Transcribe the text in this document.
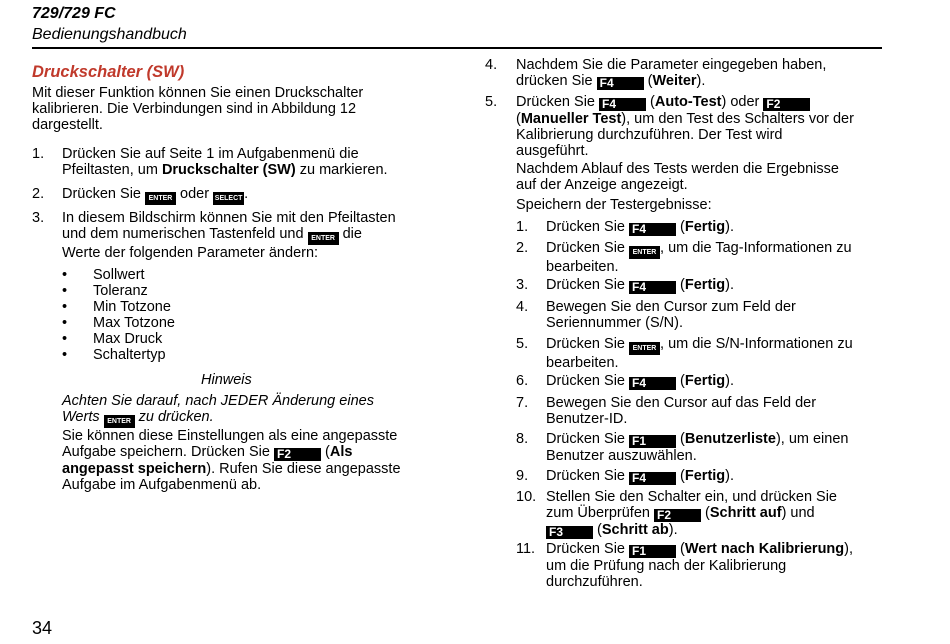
729/729 FC
Bedienungshandbuch
Druckschalter (SW)
Mit dieser Funktion können Sie einen Druckschalter
kalibrieren. Die Verbindungen sind in Abbildung 12
dargestellt.
1. Drücken Sie auf Seite 1 im Aufgabenmenü die
Pfeiltasten, um Druckschalter (SW) zu markieren.
2. Drücken Sie ENTER oder SELECT .
3. In diesem Bildschirm können Sie mit den Pfeiltasten
und dem numerischen Tastenfeld und ENTER die
Werte der folgenden Parameter ändern:
• Sollwert
• Toleranz
• Min Totzone
• Max Totzone
• Max Druck
• Schaltertyp
Hinweis
Achten Sie darauf, nach JEDER Änderung eines
Werts ENTER zu drücken.
Sie können diese Einstellungen als eine angepasste
Aufgabe speichern. Drücken Sie F2 (Als
angepasst speichern). Rufen Sie diese angepasste
Aufgabe im Aufgabenmenü ab.
4. Nachdem Sie die Parameter eingegeben haben,
drücken Sie F4 (Weiter).
5. Drücken Sie F4 (Auto-Test) oder F2
(Manueller Test), um den Test des Schalters vor der
Kalibrierung durchzuführen. Der Test wird
ausgeführt.
Nachdem Ablauf des Tests werden die Ergebnisse
auf der Anzeige angezeigt.
Speichern der Testergebnisse:
1. Drücken Sie F4 (Fertig).
2. Drücken Sie ENTER , um die Tag-Informationen zu
bearbeiten.
3. Drücken Sie F4 (Fertig).
4. Bewegen Sie den Cursor zum Feld der
Seriennummer (S/N).
5. Drücken Sie ENTER , um die S/N-Informationen zu
bearbeiten.
6. Drücken Sie F4 (Fertig).
7. Bewegen Sie den Cursor auf das Feld der
Benutzer-ID.
8. Drücken Sie F1 (Benutzerliste), um einen
Benutzer auszuwählen.
9. Drücken Sie F4 (Fertig).
10. Stellen Sie den Schalter ein, und drücken Sie
zum Überprüfen F2 (Schritt auf) und
F3 (Schritt ab).
11. Drücken Sie F1 (Wert nach Kalibrierung),
um die Prüfung nach der Kalibrierung
durchzuführen.
34
